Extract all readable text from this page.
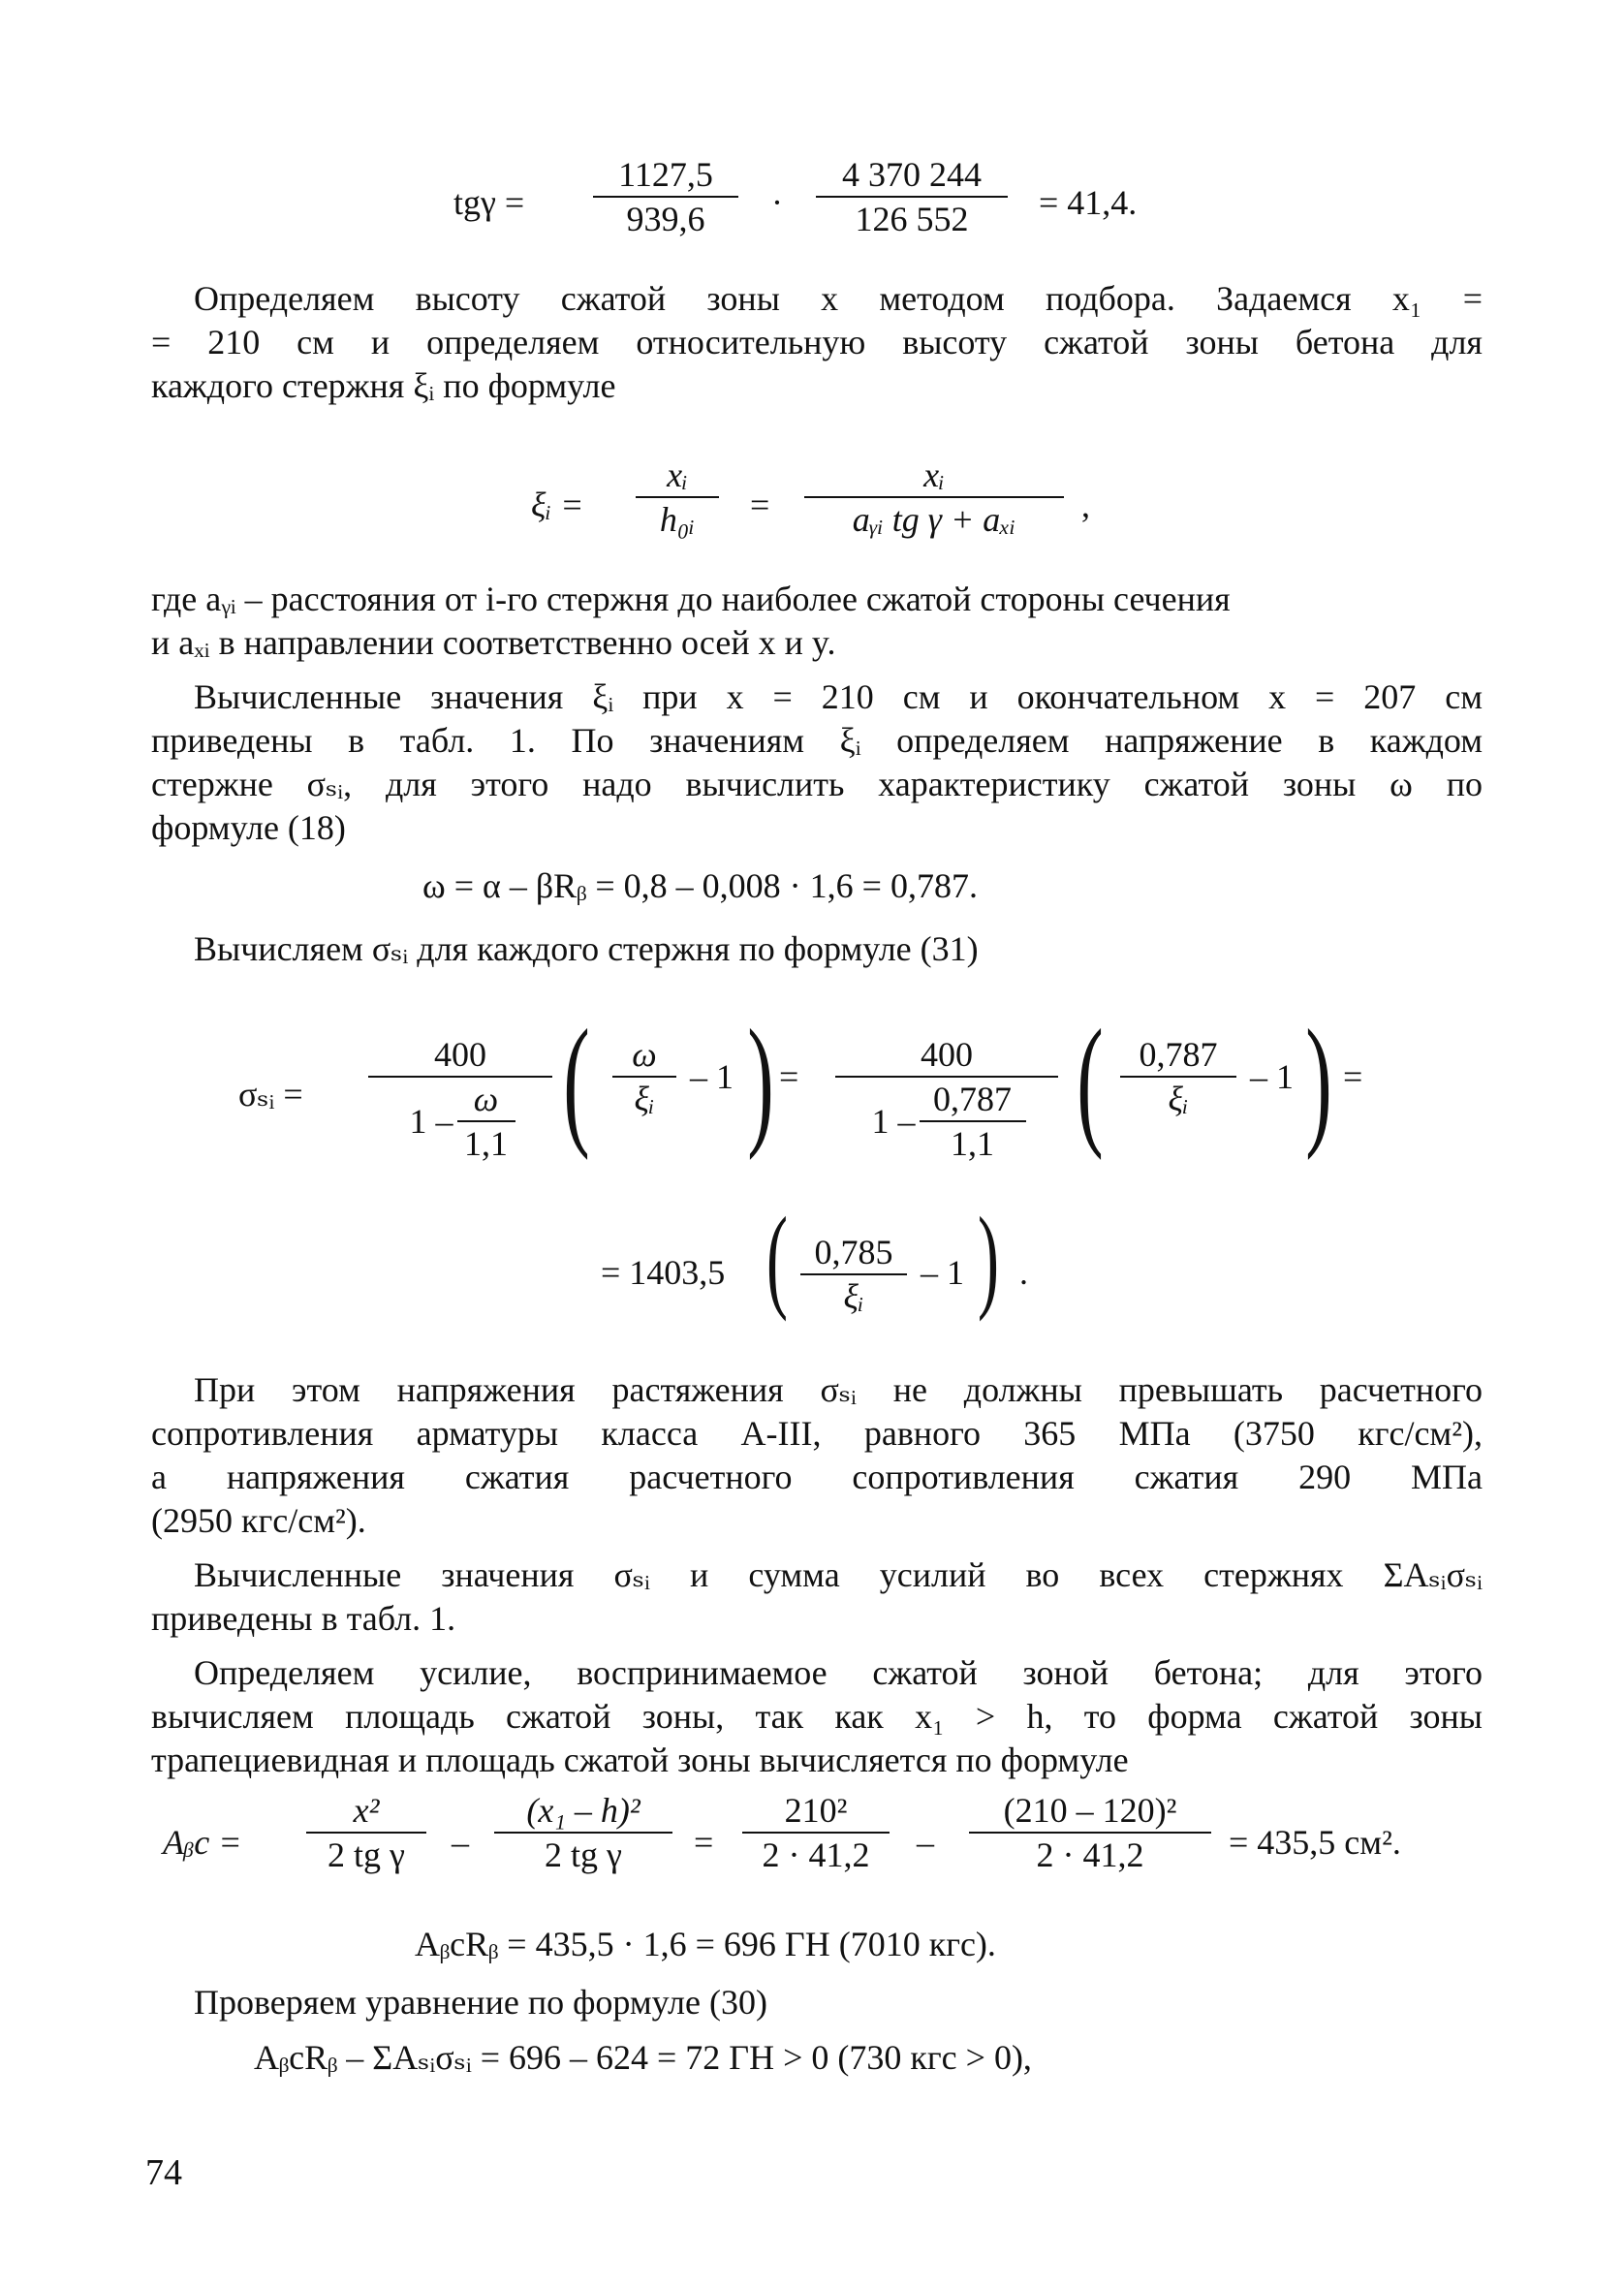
tgγ =
1127,5
939,6 ·
4 370 244
126 552 = 41,4.
Определяем высоту сжатой зоны x методом подбора. Задаемся x₁ =
= 210 см и определяем относительную высоту сжатой зоны бетона для
каждого стержня ξᵢ по формуле
ξᵢ =
xᵢ
h₀ᵢ =
xᵢ
aᵧᵢ tg γ + aₓᵢ ,
где aᵧᵢ – расстояния от i-го стержня до наиболее сжатой стороны сечения
и aₓᵢ в направлении соответственно осей x и y.
Вычисленные значения ξᵢ при x = 210 см и окончательном x = 207 см
приведены в табл. 1. По значениям ξᵢ определяем напряжение в каждом
стержне σₛᵢ, для этого надо вычислить характеристику сжатой зоны ω по
формуле (18)
ω = α – βRᵦ = 0,8 – 0,008 · 1,6 = 0,787.
Вычисляем σₛᵢ для каждого стержня по формуле (31)
σₛᵢ =
400
$1 - \frac{\omega}{1,1}$ ( ω
ξᵢ
– 1 ) =
400
$1 - \frac{0,787}{1,1}$ ( 0,787
ξᵢ
– 1 ) =
= 1403,5 ( 0,785
ξᵢ
– 1 ) .
При этом напряжения растяжения σₛᵢ не должны превышать расчетного
сопротивления арматуры класса А-III, равного 365 МПа (3750 кгс/см²),
а напряжения сжатия расчетного сопротивления сжатия 290 МПа
(2950 кгс/см²).
Вычисленные значения σₛᵢ и сумма усилий во всех стержнях ΣAₛᵢσₛᵢ
приведены в табл. 1.
Определяем усилие, воспринимаемое сжатой зоной бетона; для этого
вычисляем площадь сжатой зоны, так как x₁ > h, то форма сжатой зоны
трапециевидная и площадь сжатой зоны вычисляется по формуле
Aᵦc =
x²
2 tg γ –
(x₁ – h)²
2 tg γ =
210²
2 · 41,2 –
(210 – 120)²
2 · 41,2 = 435,5 см².
AᵦcRᵦ = 435,5 · 1,6 = 696 ГН (7010 кгс).
Проверяем уравнение по формуле (30)
AᵦcRᵦ – ΣAₛᵢσₛᵢ = 696 – 624 = 72 ГН > 0 (730 кгс > 0),
74
